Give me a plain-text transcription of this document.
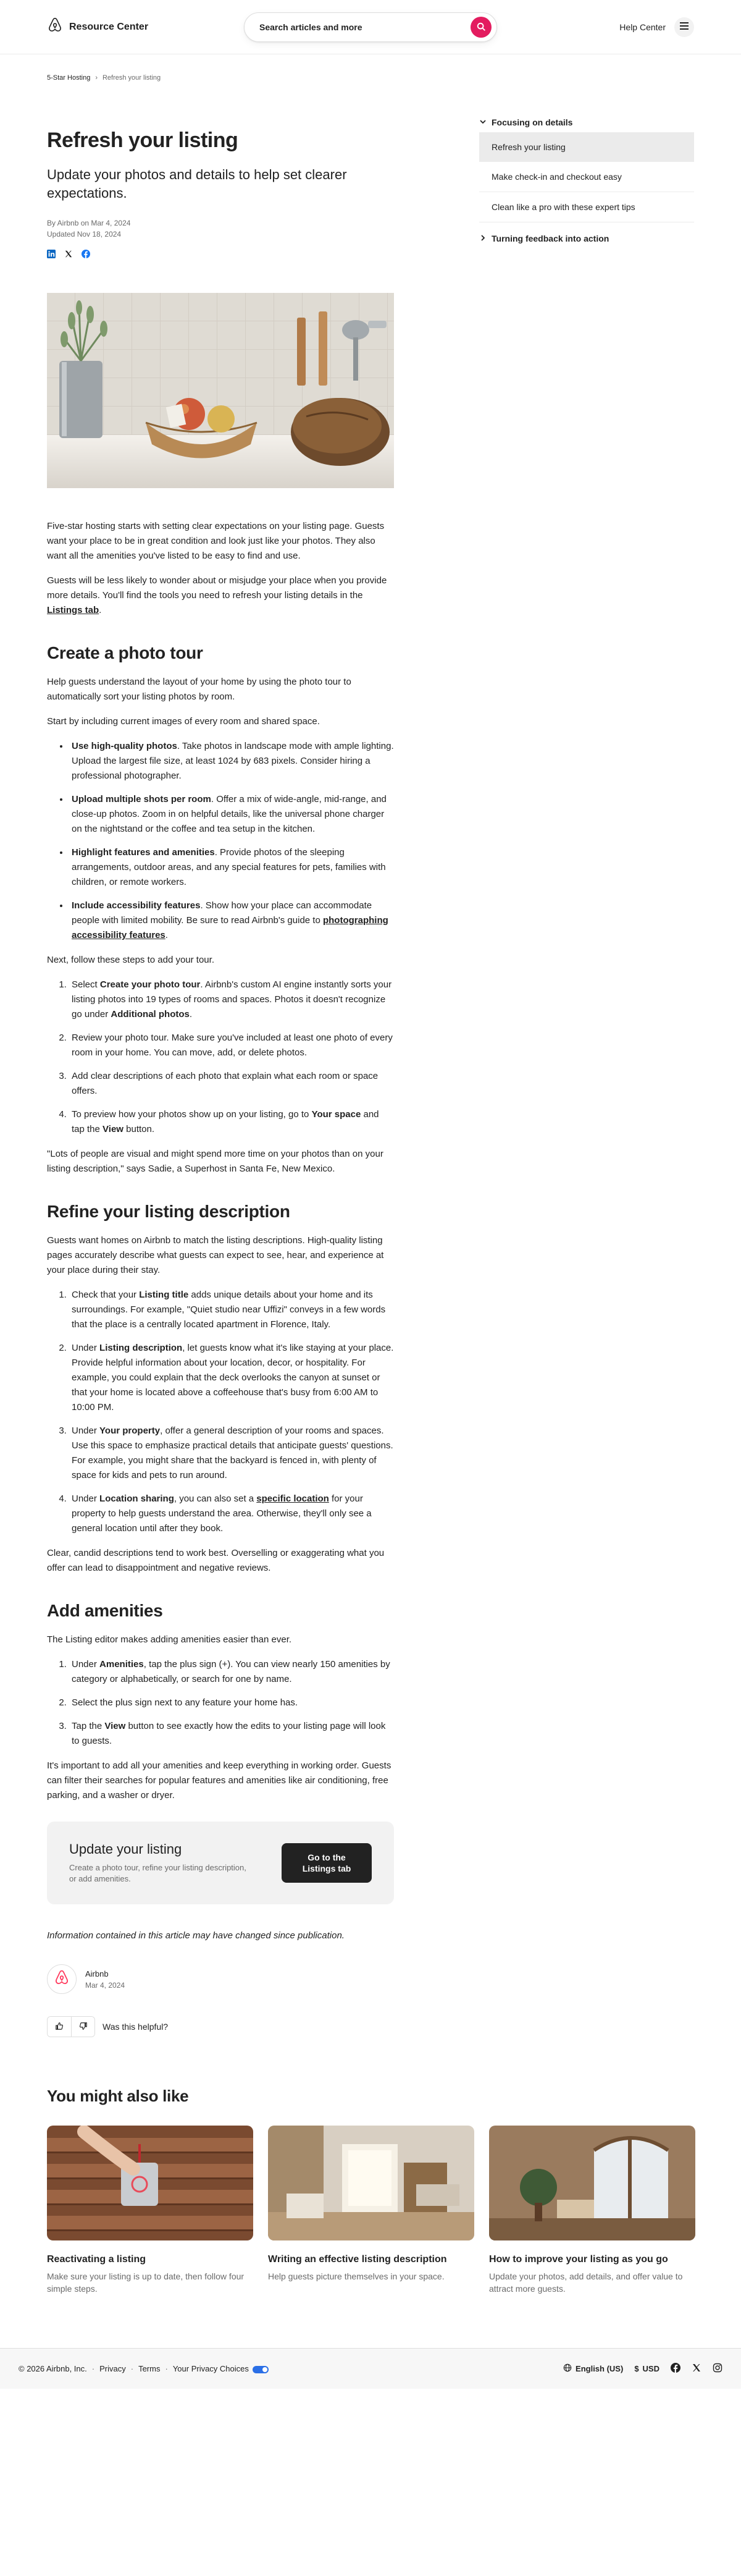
Resource Center
Search articles and more	Help Center
5-Star Hosting › Refresh your listing
Refresh your listing

Update your photos and details to help set clearer expectations.

By Airbnb on Mar 4, 2024
Updated Nov 18, 2024

Five-star hosting starts with setting clear expectations on your listing page. Guests want your place to be in great condition and look just like your photos. They also want all the amenities you've listed to be easy to find and use.

Guests will be less likely to wonder about or misjudge your place when you provide more details. You'll find the tools you need to refresh your listing details in the Listings tab.

Create a photo tour

Help guests understand the layout of your home by using the photo tour to automatically sort your listing photos by room.

Start by including current images of every room and shared space.

• Use high-quality photos. Take photos in landscape mode with ample lighting. Upload the largest file size, at least 1024 by 683 pixels. Consider hiring a professional photographer.
• Upload multiple shots per room. Offer a mix of wide-angle, mid-range, and close-up photos. Zoom in on helpful details, like the universal phone charger on the nightstand or the coffee and tea setup in the kitchen.
• Highlight features and amenities. Provide photos of the sleeping arrangements, outdoor areas, and any special features for pets, families with children, or remote workers.
• Include accessibility features. Show how your place can accommodate people with limited mobility. Be sure to read Airbnb's guide to photographing accessibility features.

Next, follow these steps to add your tour.

1. Select Create your photo tour. Airbnb's custom AI engine instantly sorts your listing photos into 19 types of rooms and spaces. Photos it doesn't recognize go under Additional photos.
2. Review your photo tour. Make sure you've included at least one photo of every room in your home. You can move, add, or delete photos.
3. Add clear descriptions of each photo that explain what each room or space offers.
4. To preview how your photos show up on your listing, go to Your space and tap the View button.

"Lots of people are visual and might spend more time on your photos than on your listing description," says Sadie, a Superhost in Santa Fe, New Mexico.

Refine your listing description

Guests want homes on Airbnb to match the listing descriptions. High-quality listing pages accurately describe what guests can expect to see, hear, and experience at your place during their stay.

1. Check that your Listing title adds unique details about your home and its surroundings. For example, "Quiet studio near Uffizi" conveys in a few words that the place is a centrally located apartment in Florence, Italy.
2. Under Listing description, let guests know what it's like staying at your place. Provide helpful information about your location, decor, or hospitality. For example, you could explain that the deck overlooks the canyon at sunset or that your home is located above a coffeehouse that's busy from 6:00 AM to 10:00 PM.
3. Under Your property, offer a general description of your rooms and spaces. Use this space to emphasize practical details that anticipate guests' questions. For example, you might share that the backyard is fenced in, with plenty of space for kids and pets to run around.
4. Under Location sharing, you can also set a specific location for your property to help guests understand the area. Otherwise, they'll only see a general location until after they book.

Clear, candid descriptions tend to work best. Overselling or exaggerating what you offer can lead to disappointment and negative reviews.

Add amenities

The Listing editor makes adding amenities easier than ever.

1. Under Amenities, tap the plus sign (+). You can view nearly 150 amenities by category or alphabetically, or search for one by name.
2. Select the plus sign next to any feature your home has.
3. Tap the View button to see exactly how the edits to your listing page will look to guests.

It's important to add all your amenities and keep everything in working order. Guests can filter their searches for popular features and amenities like air conditioning, free parking, and a washer or dryer.

Update your listing
Create a photo tour, refine your listing description, or add amenities.
Go to the Listings tab

Information contained in this article may have changed since publication.

Airbnb
Mar 4, 2024
Was this helpful?
Focusing on details
Refresh your listing
Make check-in and checkout easy
Clean like a pro with these expert tips
Turning feedback into action
You might also like
Reactivating a listing
Make sure your listing is up to date, then follow four simple steps.
Writing an effective listing description
Help guests picture themselves in your space.
How to improve your listing as you go
Update your photos, add details, and offer value to attract more guests.
© 2026 Airbnb, Inc. · Privacy · Terms · Your Privacy Choices	English (US) $ USD
